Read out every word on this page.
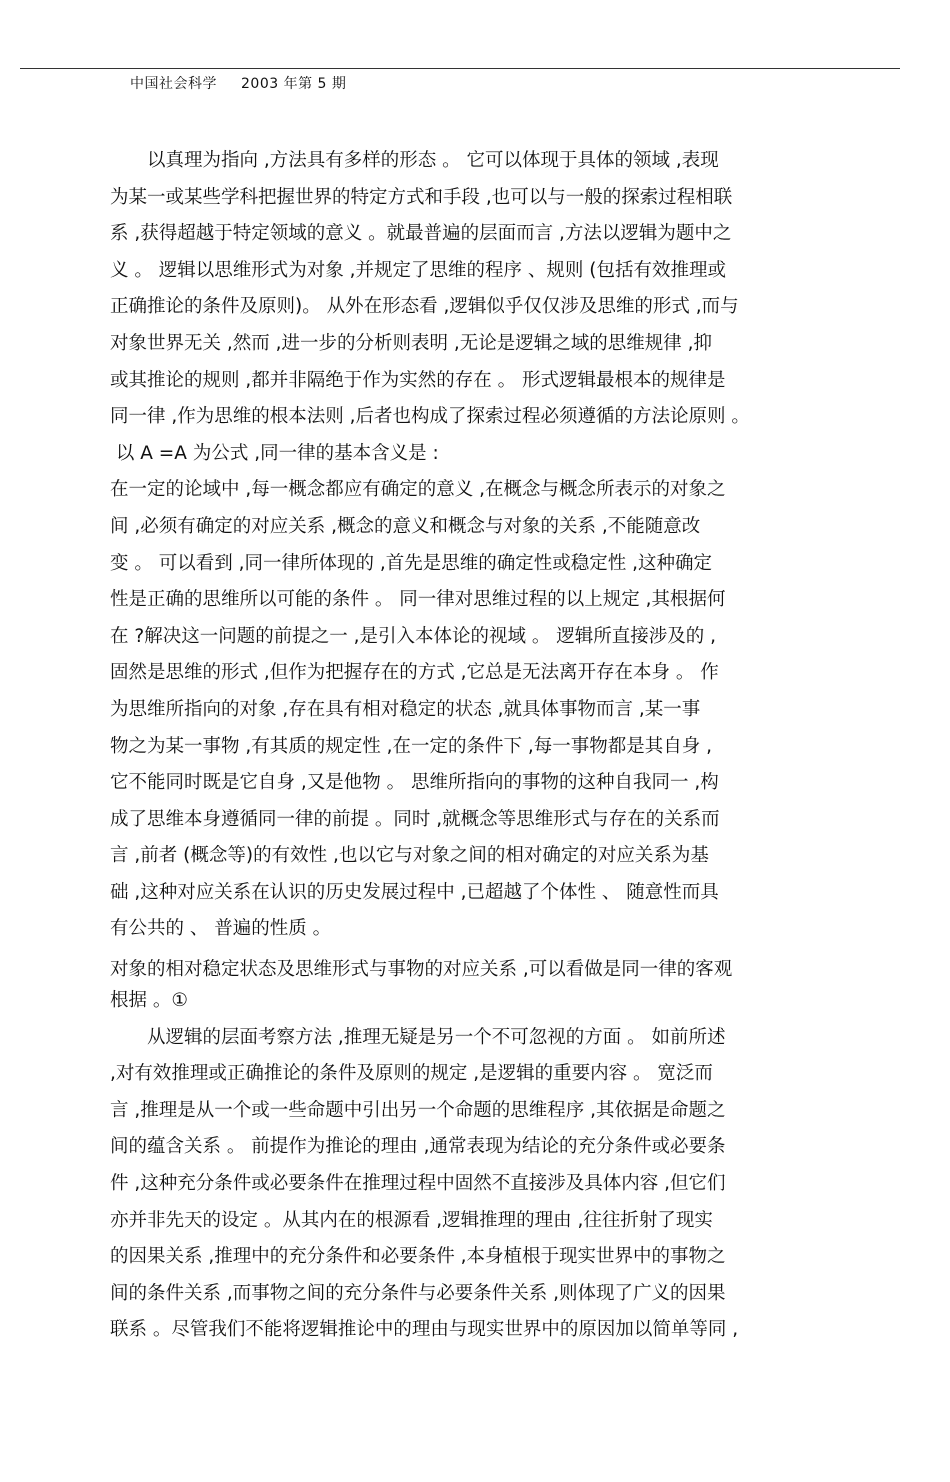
中国社会科学 2003 年第 5 期
　　以真理为指向 ,方法具有多样的形态 。 它可以体现于具体的领域 ,表现
为某一或某些学科把握世界的特定方式和手段 ,也可以与一般的探索过程相联
系 ,获得超越于特定领域的意义 。就最普遍的层面而言 ,方法以逻辑为题中之
义 。 逻辑以思维形式为对象 ,并规定了思维的程序 、规则 (包括有效推理或
正确推论的条件及原则)。 从外在形态看 ,逻辑似乎仅仅涉及思维的形式 ,而与
对象世界无关 ,然而 ,进一步的分析则表明 ,无论是逻辑之域的思维规律 ,抑
或其推论的规则 ,都并非隔绝于作为实然的存在 。 形式逻辑最根本的规律是
同一律 ,作为思维的根本法则 ,后者也构成了探索过程必须遵循的方法论原则 。
以 A =A 为公式 ,同一律的基本含义是 :
在一定的论域中 ,每一概念都应有确定的意义 ,在概念与概念所表示的对象之
间 ,必须有确定的对应关系 ,概念的意义和概念与对象的关系 ,不能随意改
变 。 可以看到 ,同一律所体现的 ,首先是思维的确定性或稳定性 ,这种确定
性是正确的思维所以可能的条件 。 同一律对思维过程的以上规定 ,其根据何
在 ?解决这一问题的前提之一 ,是引入本体论的视域 。 逻辑所直接涉及的 ,
固然是思维的形式 ,但作为把握存在的方式 ,它总是无法离开存在本身 。 作
为思维所指向的对象 ,存在具有相对稳定的状态 ,就具体事物而言 ,某一事
物之为某一事物 ,有其质的规定性 ,在一定的条件下 ,每一事物都是其自身 ,
它不能同时既是它自身 ,又是他物 。 思维所指向的事物的这种自我同一 ,构
成了思维本身遵循同一律的前提 。同时 ,就概念等思维形式与存在的关系而
言 ,前者 (概念等)的有效性 ,也以它与对象之间的相对确定的对应关系为基
础 ,这种对应关系在认识的历史发展过程中 ,已超越了个体性 、 随意性而具
有公共的 、 普遍的性质 。
对象的相对稳定状态及思维形式与事物的对应关系 ,可以看做是同一律的客观
根据 。①
　　从逻辑的层面考察方法 ,推理无疑是另一个不可忽视的方面 。 如前所述
,对有效推理或正确推论的条件及原则的规定 ,是逻辑的重要内容 。 宽泛而
言 ,推理是从一个或一些命题中引出另一个命题的思维程序 ,其依据是命题之
间的蕴含关系 。 前提作为推论的理由 ,通常表现为结论的充分条件或必要条
件 ,这种充分条件或必要条件在推理过程中固然不直接涉及具体内容 ,但它们
亦并非先天的设定 。从其内在的根源看 ,逻辑推理的理由 ,往往折射了现实
的因果关系 ,推理中的充分条件和必要条件 ,本身植根于现实世界中的事物之
间的条件关系 ,而事物之间的充分条件与必要条件关系 ,则体现了广义的因果
联系 。尽管我们不能将逻辑推论中的理由与现实世界中的原因加以简单等同 ,
